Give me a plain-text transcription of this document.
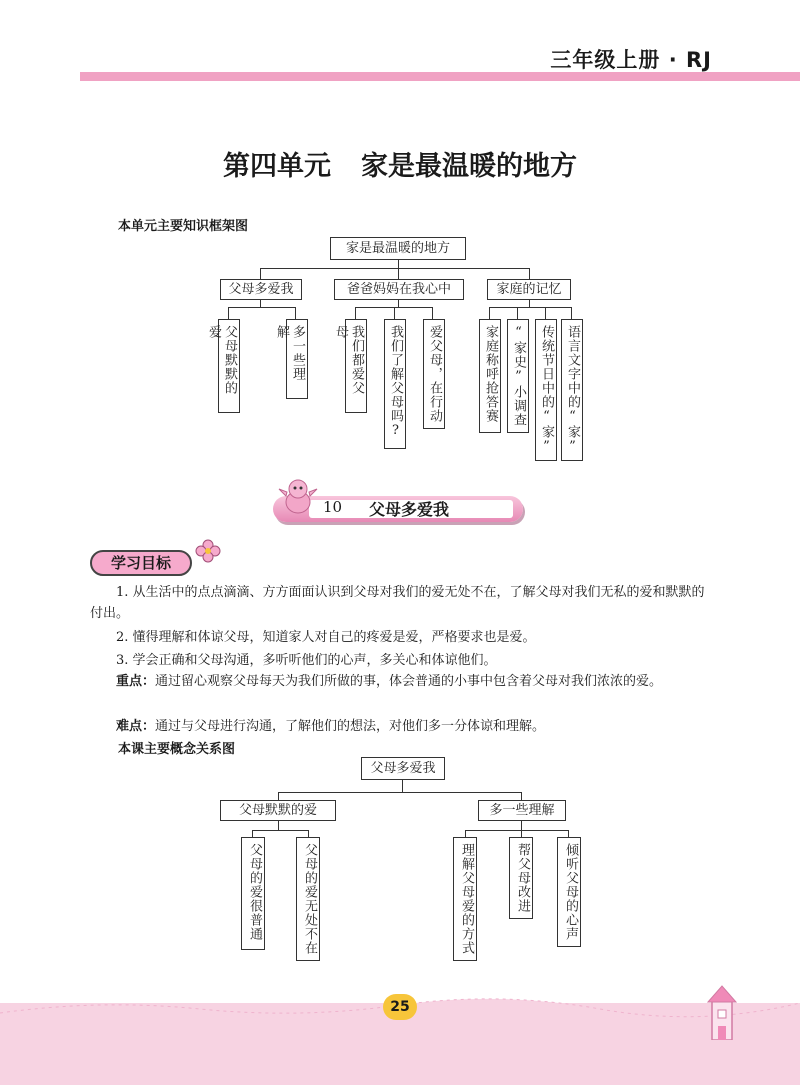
三年级上册 · RJ
第四单元 家是最温暖的地方
本单元主要知识框架图
家是最温暖的地方
父母多爱我	爸爸妈妈在我心中	家庭的记忆
父母默默的爱	多一些理解	我们都爱父母	我们了解父母吗?	爱父母，在行动	家庭称呼抢答赛	“家史”小调查	传统节日中的“家” 语言文字中的“家”
10 父母多爱我
学习目标
1. 从生活中的点点滴滴、方方面面认识到父母对我们的爱无处不在，了解父母对我们无私的爱和默默的付出。
2. 懂得理解和体谅父母，知道家人对自己的疼爱是爱，严格要求也是爱。
3. 学会正确和父母沟通，多听听他们的心声，多关心和体谅他们。
重点：通过留心观察父母每天为我们所做的事，体会普通的小事中包含着父母对我们浓浓的爱。
难点：通过与父母进行沟通，了解他们的想法，对他们多一分体谅和理解。
本课主要概念关系图
父母多爱我
父母默默的爱	多一些理解
父母的爱很普通	父母的爱无处不在	理解父母爱的方式	帮父母改进	倾听父母的心声
25
